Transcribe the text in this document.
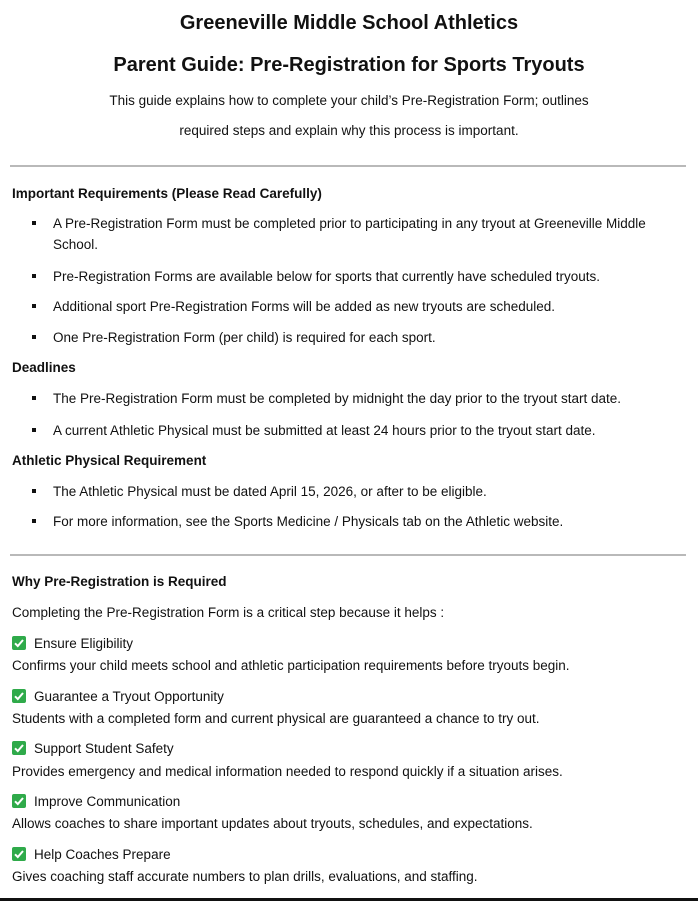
Greeneville Middle School Athletics
Parent Guide: Pre-Registration for Sports Tryouts
This guide explains how to complete your child’s Pre-Registration Form; outlines
required steps and explain why this process is important.
Important Requirements (Please Read Carefully)
A Pre-Registration Form must be completed prior to participating in any tryout at Greeneville Middle School.
Pre-Registration Forms are available below for sports that currently have scheduled tryouts.
Additional sport Pre-Registration Forms will be added as new tryouts are scheduled.
One Pre-Registration Form (per child) is required for each sport.
Deadlines
The Pre-Registration Form must be completed by midnight the day prior to the tryout start date.
A current Athletic Physical must be submitted at least 24 hours prior to the tryout start date.
Athletic Physical Requirement
The Athletic Physical must be dated April 15, 2026, or after to be eligible.
For more information, see the Sports Medicine / Physicals tab on the Athletic website.
Why Pre-Registration is Required
Completing the Pre-Registration Form is a critical step because it helps :
Ensure Eligibility
Confirms your child meets school and athletic participation requirements before tryouts begin.
Guarantee a Tryout Opportunity
Students with a completed form and current physical are guaranteed a chance to try out.
Support Student Safety
Provides emergency and medical information needed to respond quickly if a situation arises.
Improve Communication
Allows coaches to share important updates about tryouts, schedules, and expectations.
Help Coaches Prepare
Gives coaching staff accurate numbers to plan drills, evaluations, and staffing.
